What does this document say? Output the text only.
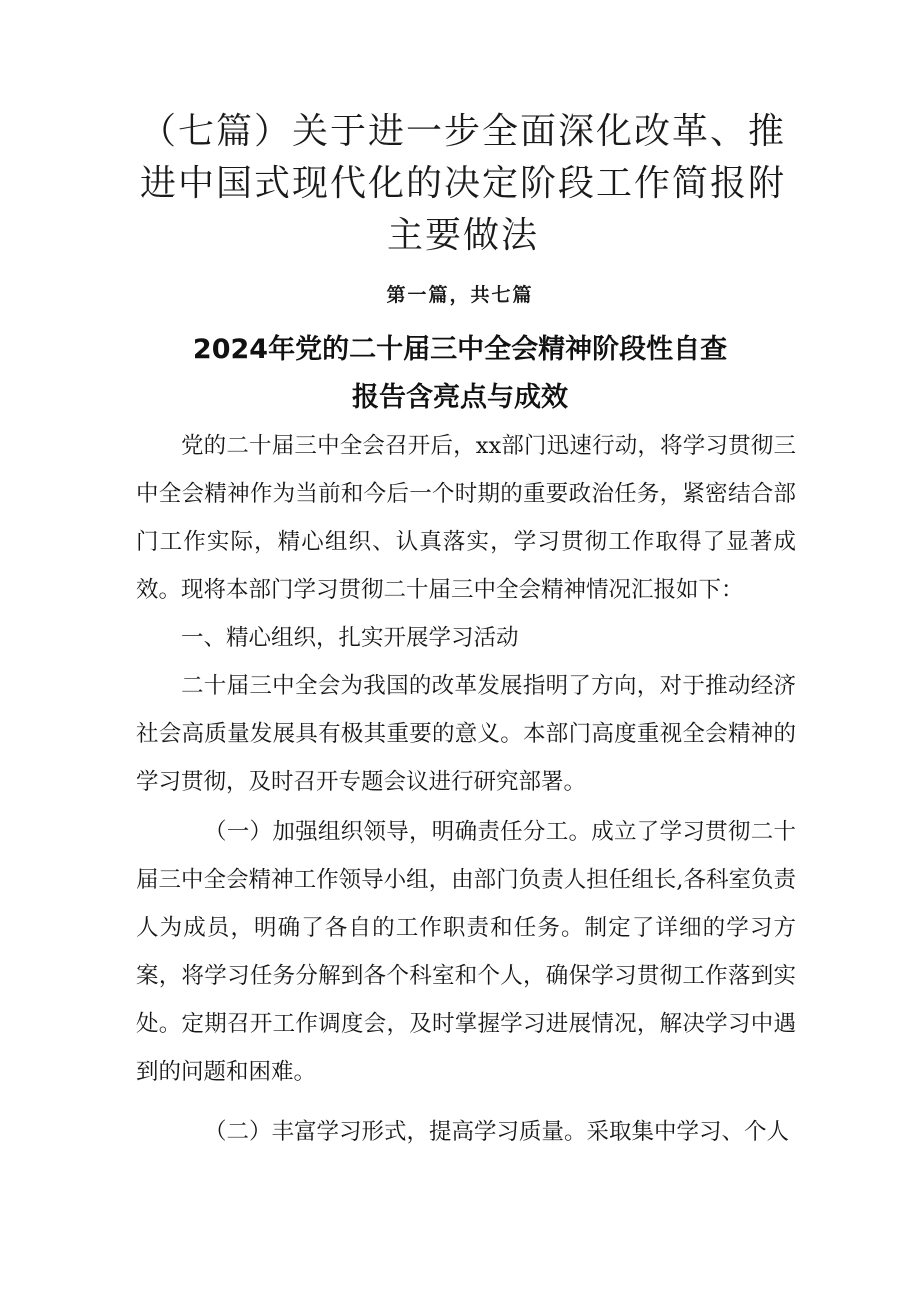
（七篇）关于进一步全面深化改革、推进中国式现代化的决定阶段工作简报附主要做法
第一篇，共七篇
2024年党的二十届三中全会精神阶段性自查报告含亮点与成效

党的二十届三中全会召开后，xx部门迅速行动，将学习贯彻三中全会精神作为当前和今后一个时期的重要政治任务，紧密结合部门工作实际，精心组织、认真落实，学习贯彻工作取得了显著成效。现将本部门学习贯彻二十届三中全会精神情况汇报如下：

一、精心组织，扎实开展学习活动

二十届三中全会为我国的改革发展指明了方向，对于推动经济社会高质量发展具有极其重要的意义。本部门高度重视全会精神的学习贯彻，及时召开专题会议进行研究部署。

（一）加强组织领导，明确责任分工。成立了学习贯彻二十届三中全会精神工作领导小组，由部门负责人担任组长,各科室负责人为成员，明确了各自的工作职责和任务。制定了详细的学习方案，将学习任务分解到各个科室和个人，确保学习贯彻工作落到实处。定期召开工作调度会，及时掌握学习进展情况，解决学习中遇到的问题和困难。

（二）丰富学习形式，提高学习质量。采取集中学习、个人
